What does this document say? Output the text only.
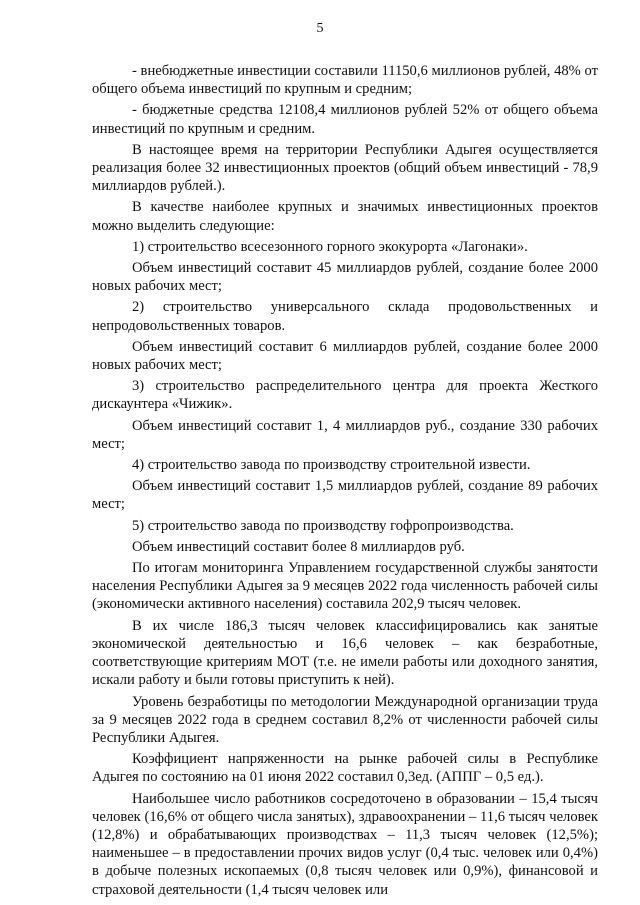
5

- внебюджетные инвестиции составили 11150,6 миллионов рублей, 48% от общего объема инвестиций по крупным и средним;

- бюджетные средства 12108,4 миллионов рублей 52% от общего объема инвестиций по крупным и средним.

В настоящее время на территории Республики Адыгея осуществляется реализация более 32 инвестиционных проектов (общий объем инвестиций - 78,9 миллиардов рублей.).

В качестве наиболее крупных и значимых инвестиционных проектов можно выделить следующие:

1) строительство всесезонного горного экокурорта «Лагонаки».

Объем инвестиций составит 45 миллиардов рублей, создание более 2000 новых рабочих мест;

2) строительство универсального склада продовольственных и непродовольственных товаров.

Объем инвестиций составит 6 миллиардов рублей, создание более 2000 новых рабочих мест;

3) строительство распределительного центра для проекта Жесткого дискаунтера «Чижик».

Объем инвестиций составит 1, 4 миллиардов руб., создание 330 рабочих мест;

4) строительство завода по производству строительной извести.

Объем инвестиций составит 1,5 миллиардов рублей, создание 89 рабочих мест;

5) строительство завода по производству гофропроизводства.

Объем инвестиций составит более 8 миллиардов руб.

По итогам мониторинга Управлением государственной службы занятости населения Республики Адыгея за 9 месяцев 2022 года численность рабочей силы (экономически активного населения) составила 202,9 тысяч человек.

В их числе 186,3 тысяч человек классифицировались как занятые экономической деятельностью и 16,6 человек – как безработные, соответствующие критериям МОТ (т.е. не имели работы или доходного занятия, искали работу и были готовы приступить к ней).

Уровень безработицы по методологии Международной организации труда за 9 месяцев 2022 года в среднем составил 8,2% от численности рабочей силы Республики Адыгея.

Коэффициент напряженности на рынке рабочей силы в Республике Адыгея по состоянию на 01 июня 2022 составил 0,3ед. (АППГ – 0,5 ед.).

Наибольшее число работников сосредоточено в образовании – 15,4 тысяч человек (16,6% от общего числа занятых), здравоохранении – 11,6 тысяч человек (12,8%) и обрабатывающих производствах – 11,3 тысяч человек (12,5%); наименьшее – в предоставлении прочих видов услуг (0,4 тыс. человек или 0,4%) в добыче полезных ископаемых (0,8 тысяч человек или 0,9%), финансовой и страховой деятельности (1,4 тысяч человек или
